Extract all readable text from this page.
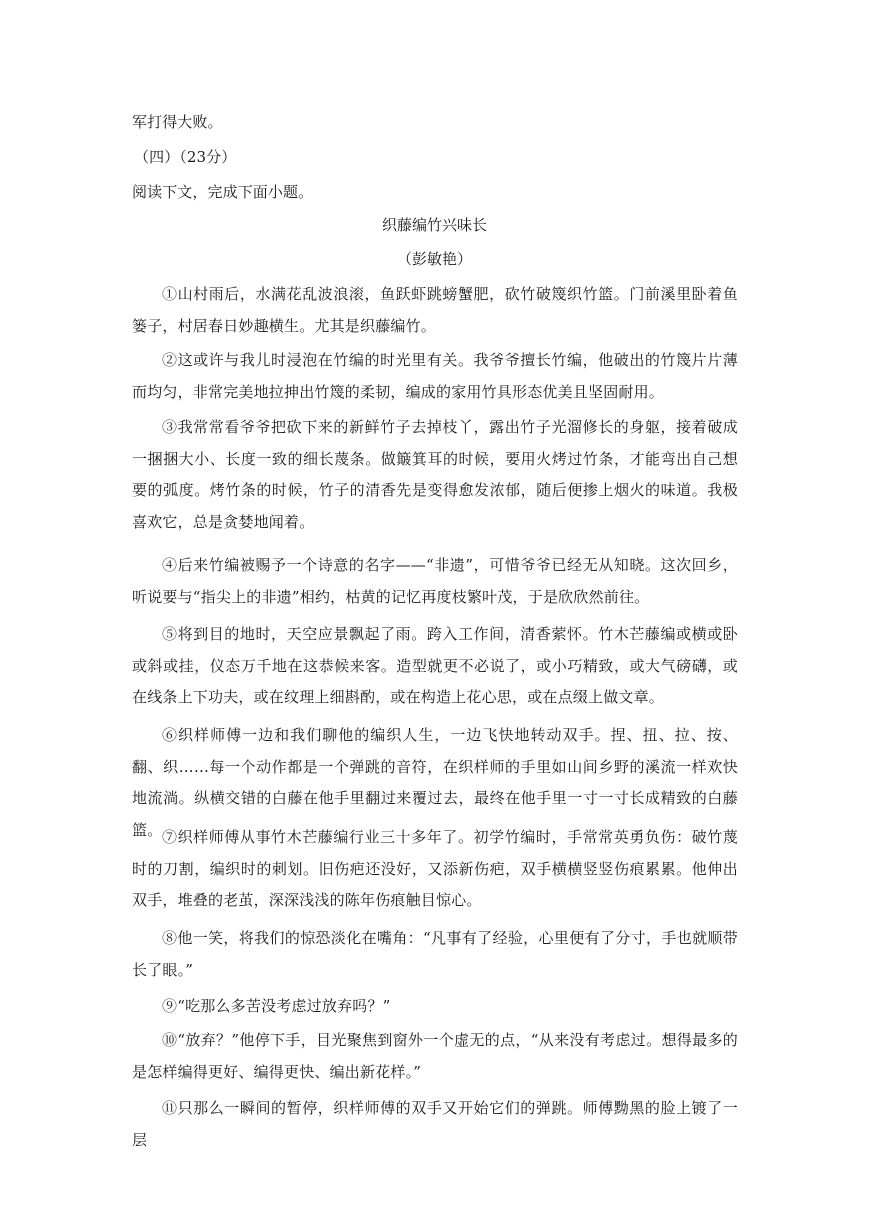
军打得大败。
（四）（23分）
阅读下文，完成下面小题。
织藤编竹兴味长
（彭敏艳）

①山村雨后，水满花乱波浪滚，鱼跃虾跳螃蟹肥，砍竹破篾织竹篮。门前溪里卧着鱼篓子，村居春日妙趣横生。尤其是织藤编竹。

②这或许与我儿时浸泡在竹编的时光里有关。我爷爷擅长竹编，他破出的竹篾片片薄而均匀，非常完美地拉抻出竹篾的柔韧，编成的家用竹具形态优美且坚固耐用。

③我常常看爷爷把砍下来的新鲜竹子去掉枝丫，露出竹子光溜修长的身躯，接着破成一捆捆大小、长度一致的细长蔑条。做簸箕耳的时候，要用火烤过竹条，才能弯出自己想要的弧度。烤竹条的时候，竹子的清香先是变得愈发浓郁，随后便掺上烟火的味道。我极喜欢它，总是贪婪地闻着。

④后来竹编被赐予一个诗意的名字——“非遗”，可惜爷爷已经无从知晓。这次回乡，听说要与“指尖上的非遗”相约，枯黄的记忆再度枝繁叶茂，于是欣欣然前往。

⑤将到目的地时，天空应景飘起了雨。跨入工作间，清香萦怀。竹木芒藤编或横或卧或斜或挂，仪态万千地在这恭候来客。造型就更不必说了，或小巧精致，或大气磅礴，或在线条上下功夫，或在纹理上细斟酌，或在构造上花心思，或在点缀上做文章。

⑥织样师傅一边和我们聊他的编织人生，一边飞快地转动双手。捏、扭、拉、按、翻、织……每一个动作都是一个弹跳的音符，在织样师的手里如山间乡野的溪流一样欢快地流淌。纵横交错的白藤在他手里翻过来覆过去，最终在他手里一寸一寸长成精致的白藤篮。 ⑦织样师傅从事竹木芒藤编行业三十多年了。初学竹编时，手常常英勇负伤：破竹蔑时的刀割，编织时的刺划。旧伤疤还没好，又添新伤疤，双手横横竖竖伤痕累累。他伸出双手，堆叠的老茧，深深浅浅的陈年伤痕触目惊心。

⑧他一笑，将我们的惊恐淡化在嘴角：“凡事有了经验，心里便有了分寸，手也就顺带长了眼。”

⑨“吃那么多苦没考虑过放弃吗？”

⑩“放弃？”他停下手，目光聚焦到窗外一个虚无的点，“从来没有考虑过。想得最多的是怎样编得更好、编得更快、编出新花样。”

⑪只那么一瞬间的暂停，织样师傅的双手又开始它们的弹跳。师傅黝黑的脸上镀了一层
